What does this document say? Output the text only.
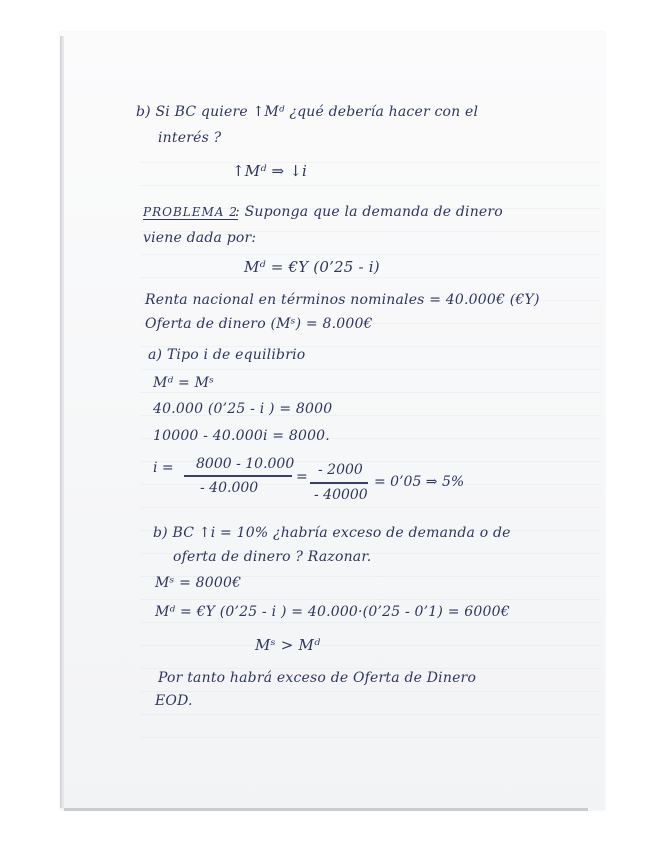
b) Si BC quiere ↑Mᵈ ¿qué debería hacer con el
interés ?
↑Mᵈ ⇒ ↓i
PROBLEMA 2
: Suponga que la demanda de dinero
viene dada por:
Mᵈ = €Y (0’25 - i)
Renta nacional en términos nominales = 40.000€ (€Y)
Oferta de dinero (Mˢ) = 8.000€
a) Tipo i de equilibrio
Mᵈ = Mˢ
40.000 (0’25 - i ) = 8000
10000 - 40.000i = 8000.
i = 8000 - 10.000
- 40.000
= - 2000
- 40000
= 0’05 ⇒ 5%
b) BC ↑i = 10% ¿habría exceso de demanda o de
oferta de dinero ? Razonar.
Mˢ = 8000€
Mᵈ = €Y (0’25 - i ) = 40.000·(0’25 - 0’1) = 6000€
Mˢ > Mᵈ
Por tanto habrá exceso de Oferta de Dinero
EOD.
